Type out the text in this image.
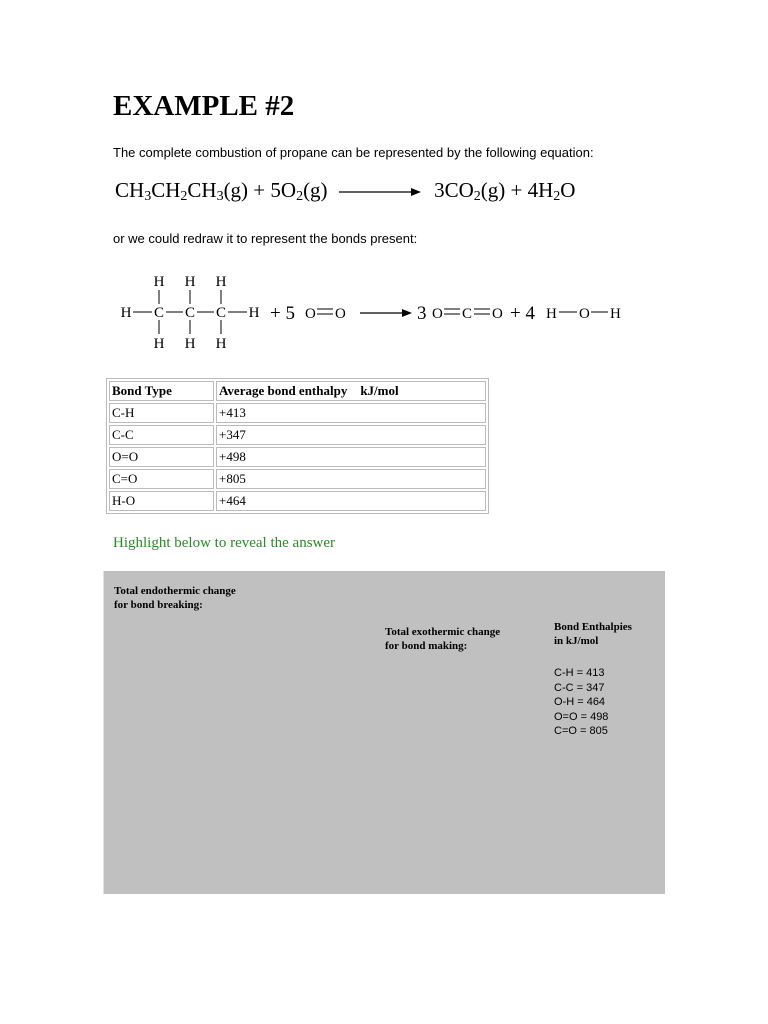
EXAMPLE #2
The complete combustion of propane can be represented by the following equation:
$CH_3CH_2CH_3(g) + 5O_2(g)$	$3CO_2(g) + 4H_2O$
or we could redraw it to represent the bonds present:
H H H
H H H
H C C C H + 5 O O	3 O C O + 4 H O H
Bond Type	Average bond enthalpy    kJ/mol
C-H	+413
C-C	+347
O=O	+498
C=O	+805
H-O	+464
Highlight below to reveal the answer
Total endothermic change
for bond breaking:
Total exothermic change
for bond making:
Bond Enthalpies
in kJ/mol
C-H = 413
C-C = 347
O-H = 464
O=O = 498
C=O = 805
